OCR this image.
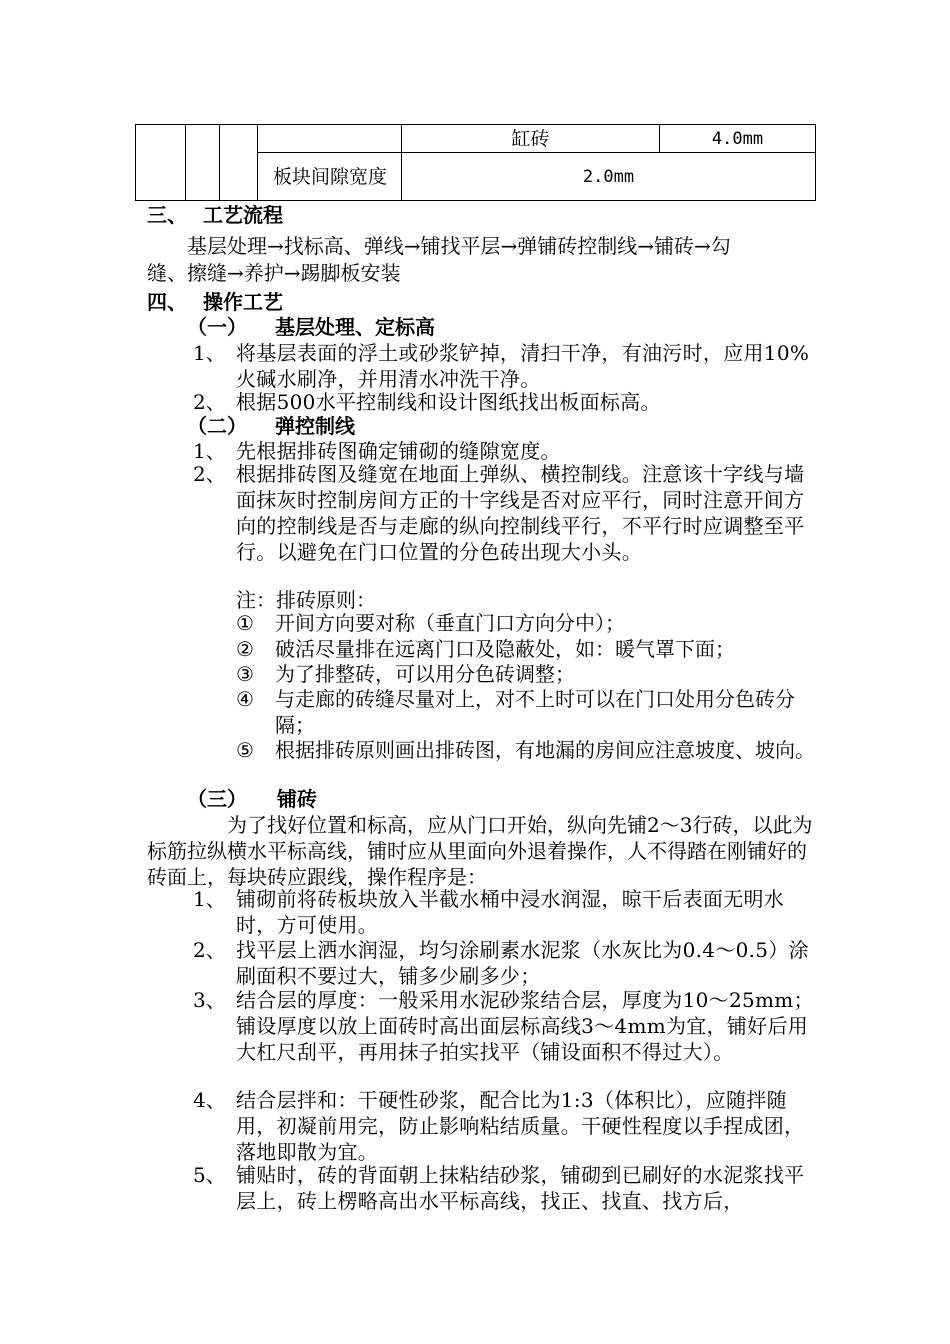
缸砖	4.0mm
板块间隙宽度	2.0mm
三、 工艺流程
基层处理→找标高、弹线→铺找平层→弹铺砖控制线→铺砖→勾
缝、擦缝→养护→踢脚板安装
四、 操作工艺
（一） 基层处理、定标高
1、 将基层表面的浮土或砂浆铲掉，清扫干净，有油污时，应用10%火碱水刷净，并用清水冲洗干净。
2、 根据500水平控制线和设计图纸找出板面标高。
（二） 弹控制线
1、 先根据排砖图确定铺砌的缝隙宽度。
2、 根据排砖图及缝宽在地面上弹纵、横控制线。注意该十字线与墙面抹灰时控制房间方正的十字线是否对应平行，同时注意开间方向的控制线是否与走廊的纵向控制线平行，不平行时应调整至平行。以避免在门口位置的分色砖出现大小头。
注：排砖原则：
① 开间方向要对称（垂直门口方向分中）；
② 破活尽量排在远离门口及隐蔽处，如：暖气罩下面；
③ 为了排整砖，可以用分色砖调整；
④ 与走廊的砖缝尽量对上，对不上时可以在门口处用分色砖分隔；
⑤ 根据排砖原则画出排砖图，有地漏的房间应注意坡度、坡向。
（三） 铺砖
为了找好位置和标高，应从门口开始，纵向先铺2～3行砖，以此为标筋拉纵横水平标高线，铺时应从里面向外退着操作，人不得踏在刚铺好的砖面上，每块砖应跟线，操作程序是：
1、 铺砌前将砖板块放入半截水桶中浸水润湿，晾干后表面无明水时，方可使用。
2、 找平层上洒水润湿，均匀涂刷素水泥浆（水灰比为0.4～0.5）涂刷面积不要过大，铺多少刷多少；
3、 结合层的厚度：一般采用水泥砂浆结合层，厚度为10～25mm；铺设厚度以放上面砖时高出面层标高线3～4mm为宜，铺好后用大杠尺刮平，再用抹子拍实找平（铺设面积不得过大）。
4、 结合层拌和：干硬性砂浆，配合比为1:3（体积比），应随拌随用，初凝前用完，防止影响粘结质量。干硬性程度以手捏成团，落地即散为宜。
5、 铺贴时，砖的背面朝上抹粘结砂浆，铺砌到已刷好的水泥浆找平层上，砖上楞略高出水平标高线，找正、找直、找方后，
